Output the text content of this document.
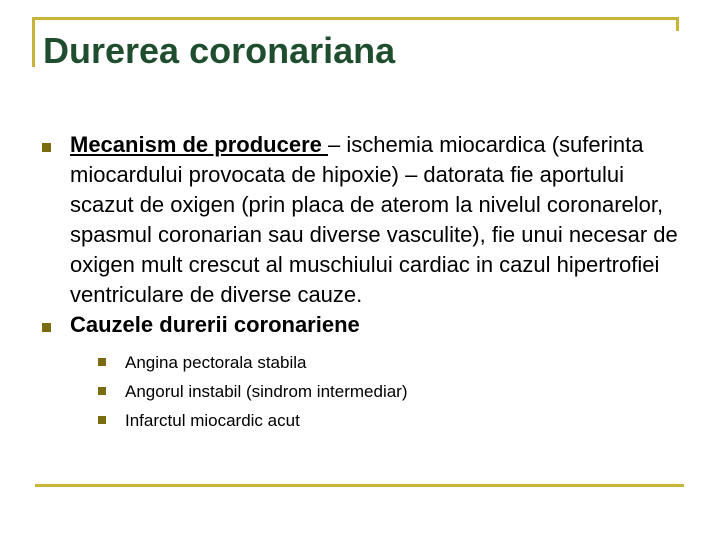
Durerea coronariana
Mecanism de producere – ischemia miocardica (suferinta miocardului provocata de hipoxie) – datorata fie aportului scazut de oxigen (prin placa de aterom la nivelul coronarelor, spasmul coronarian sau diverse vasculite), fie unui necesar de oxigen mult crescut al muschiului cardiac in cazul hipertrofiei ventriculare de diverse cauze.
Cauzele durerii coronariene
Angina pectorala stabila
Angorul instabil (sindrom intermediar)
Infarctul miocardic acut
